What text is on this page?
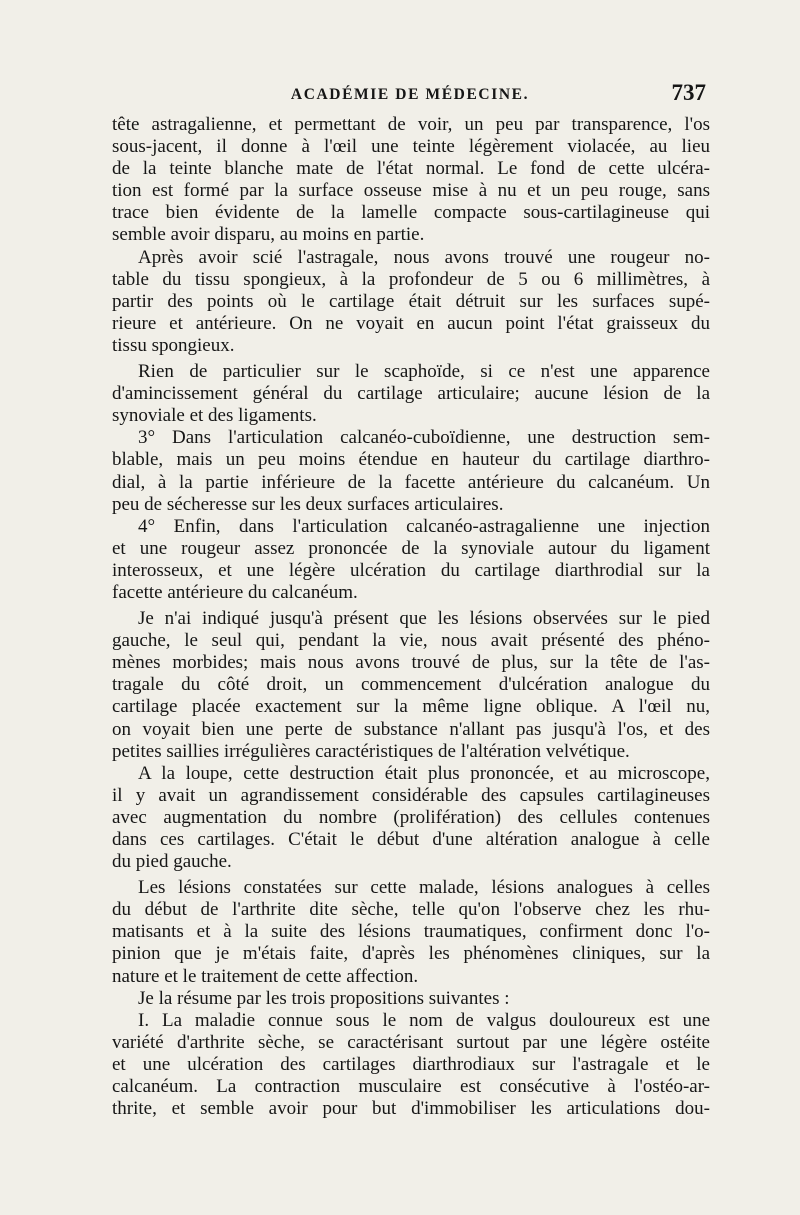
ACADÉMIE DE MÉDECINE.	737
tête astragalienne, et permettant de voir, un peu par transparence, l'os
sous-jacent, il donne à l'œil une teinte légèrement violacée, au lieu
de la teinte blanche mate de l'état normal. Le fond de cette ulcéra-
tion est formé par la surface osseuse mise à nu et un peu rouge, sans
trace bien évidente de la lamelle compacte sous-cartilagineuse qui
semble avoir disparu, au moins en partie.
Après avoir scié l'astragale, nous avons trouvé une rougeur no-
table du tissu spongieux, à la profondeur de 5 ou 6 millimètres, à
partir des points où le cartilage était détruit sur les surfaces supé-
rieure et antérieure. On ne voyait en aucun point l'état graisseux du
tissu spongieux.
Rien de particulier sur le scaphoïde, si ce n'est une apparence
d'amincissement général du cartilage articulaire; aucune lésion de la
synoviale et des ligaments.
3° Dans l'articulation calcanéo-cuboïdienne, une destruction sem-
blable, mais un peu moins étendue en hauteur du cartilage diarthro-
dial, à la partie inférieure de la facette antérieure du calcanéum. Un
peu de sécheresse sur les deux surfaces articulaires.
4° Enfin, dans l'articulation calcanéo-astragalienne une injection
et une rougeur assez prononcée de la synoviale autour du ligament
interosseux, et une légère ulcération du cartilage diarthrodial sur la
facette antérieure du calcanéum.
Je n'ai indiqué jusqu'à présent que les lésions observées sur le pied
gauche, le seul qui, pendant la vie, nous avait présenté des phéno-
mènes morbides; mais nous avons trouvé de plus, sur la tête de l'as-
tragale du côté droit, un commencement d'ulcération analogue du
cartilage placée exactement sur la même ligne oblique. A l'œil nu,
on voyait bien une perte de substance n'allant pas jusqu'à l'os, et des
petites saillies irrégulières caractéristiques de l'altération velvétique.
A la loupe, cette destruction était plus prononcée, et au microscope,
il y avait un agrandissement considérable des capsules cartilagineuses
avec augmentation du nombre (prolifération) des cellules contenues
dans ces cartilages. C'était le début d'une altération analogue à celle
du pied gauche.
Les lésions constatées sur cette malade, lésions analogues à celles
du début de l'arthrite dite sèche, telle qu'on l'observe chez les rhu-
matisants et à la suite des lésions traumatiques, confirment donc l'o-
pinion que je m'étais faite, d'après les phénomènes cliniques, sur la
nature et le traitement de cette affection.
Je la résume par les trois propositions suivantes :
I. La maladie connue sous le nom de valgus douloureux est une
variété d'arthrite sèche, se caractérisant surtout par une légère ostéite
et une ulcération des cartilages diarthrodiaux sur l'astragale et le
calcanéum. La contraction musculaire est consécutive à l'ostéo-ar-
thrite, et semble avoir pour but d'immobiliser les articulations dou-
